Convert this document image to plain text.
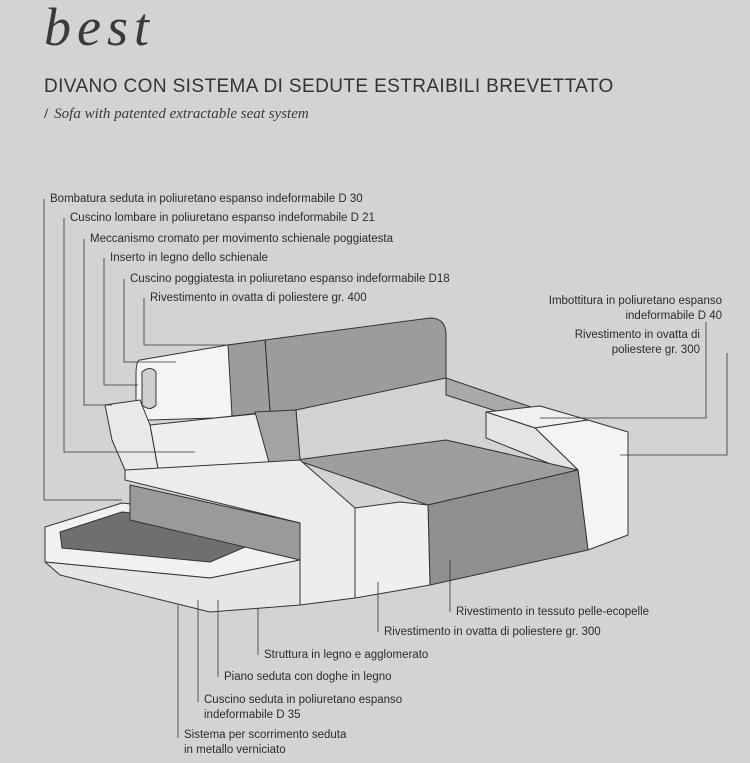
best
DIVANO CON SISTEMA DI SEDUTE ESTRAIBILI BREVETTATO
/ Sofa with patented extractable seat system
Bombatura seduta in poliuretano espanso indeformabile D 30
Cuscino lombare in poliuretano espanso indeformabile D 21
Meccanismo cromato per movimento schienale poggiatesta
Inserto in legno dello schienale
Cuscino poggiatesta in poliuretano espanso indeformabile D18
Rivestimento in ovatta di poliestere gr. 400	Imbottitura in poliuretano espanso
indeformabile D 40
Rivestimento in ovatta di
poliestere gr. 300
Rivestimento in tessuto pelle-ecopelle
Rivestimento in ovatta di poliestere gr. 300
Struttura in legno e agglomerato
Piano seduta con doghe in legno
Cuscino seduta in poliuretano espanso
indeformabile D 35
Sistema per scorrimento seduta
in metallo verniciato
